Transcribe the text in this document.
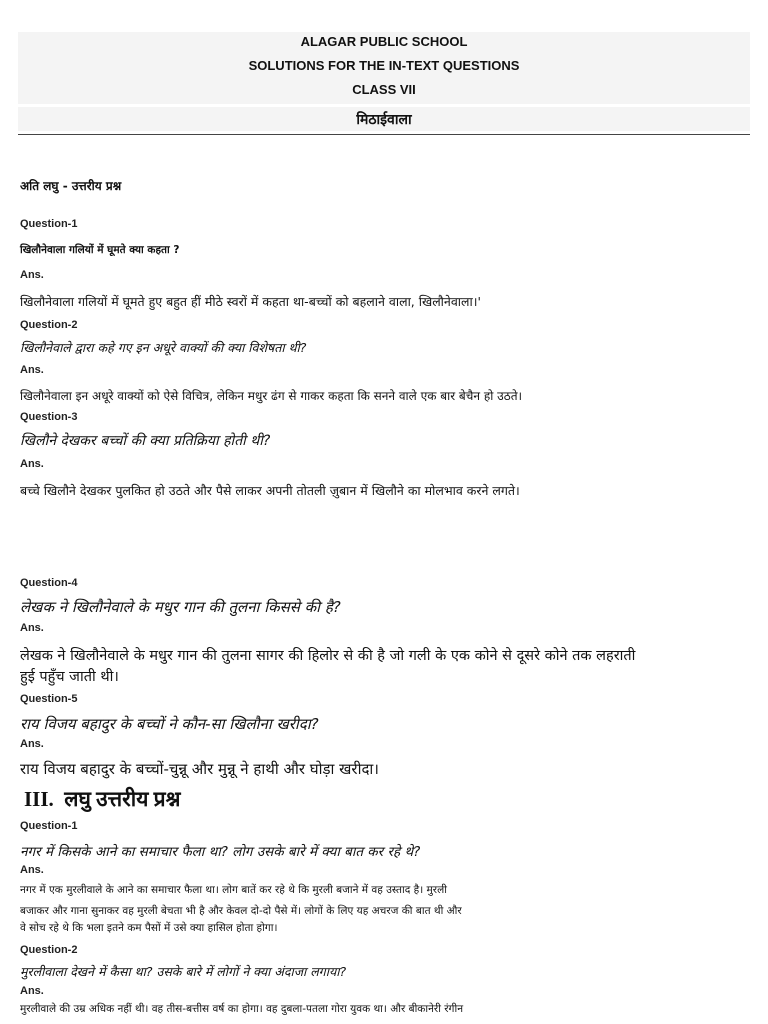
ALAGAR PUBLIC SCHOOL
SOLUTIONS FOR THE IN-TEXT QUESTIONS
CLASS VII
मिठाईवाला
अति लघु - उत्तरीय प्रश्न
Question-1
खिलौनेवाला गलियों में घूमते क्या कहता ?
Ans.
खिलौनेवाला गलियों में घूमते हुए बहुत हीं मीठे स्वरों में कहता था-बच्चों को बहलाने वाला, खिलौनेवाला।'
Question-2
खिलौनेवाले द्वारा कहे गए इन अधूरे वाक्यों की क्या विशेषता थी?
Ans.
खिलौनेवाला इन अधूरे वाक्यों को ऐसे विचित्र, लेकिन मधुर ढंग से गाकर कहता कि सनने वाले एक बार बेचैन हो उठते।
Question-3
खिलौने देखकर बच्चों की क्या प्रतिक्रिया होती थी?
Ans.
बच्चे खिलौने देखकर पुलकित हो उठते और पैसे लाकर अपनी तोतली ज़ुबान में खिलौने का मोलभाव करने लगते।
Question-4
लेखक ने खिलौनेवाले के मधुर गान की तुलना किससे की है?
Ans.
लेखक ने खिलौनेवाले के मधुर गान की तुलना सागर की हिलोर से की है जो गली के एक कोने से दूसरे कोने तक लहराती
हुई पहुँच जाती थी।
Question-5
राय विजय बहादुर के बच्चों ने कौन-सा खिलौना खरीदा?
Ans.
राय विजय बहादुर के बच्चों-चुन्नू और मुन्नू ने हाथी और घोड़ा खरीदा।
III.  लघु उत्तरीय प्रश्न
Question-1
नगर में किसके आने का समाचार फैला था? लोग उसके बारे में क्या बात कर रहे थे?
Ans.
नगर में एक मुरलीवाले के आने का समाचार फैला था। लोग बातें कर रहे थे कि मुरली बजाने में वह उस्ताद है। मुरली
बजाकर और गाना सुनाकर वह मुरली बेचता भी है और केवल दो-दो पैसे में। लोगों के लिए यह अचरज की बात थी और
वे सोच रहे थे कि भला इतने कम पैसों में उसे क्या हासिल होता होगा।
Question-2
मुरलीवाला देखने में कैसा था? उसके बारे में लोगों ने क्या अंदाजा लगाया?
Ans.
मुरलीवाले की उम्र अधिक नहीं थी। वह तीस-बत्तीस वर्ष का होगा। वह दुबला-पतला गोरा युवक था। और बीकानेरी रंगीन
